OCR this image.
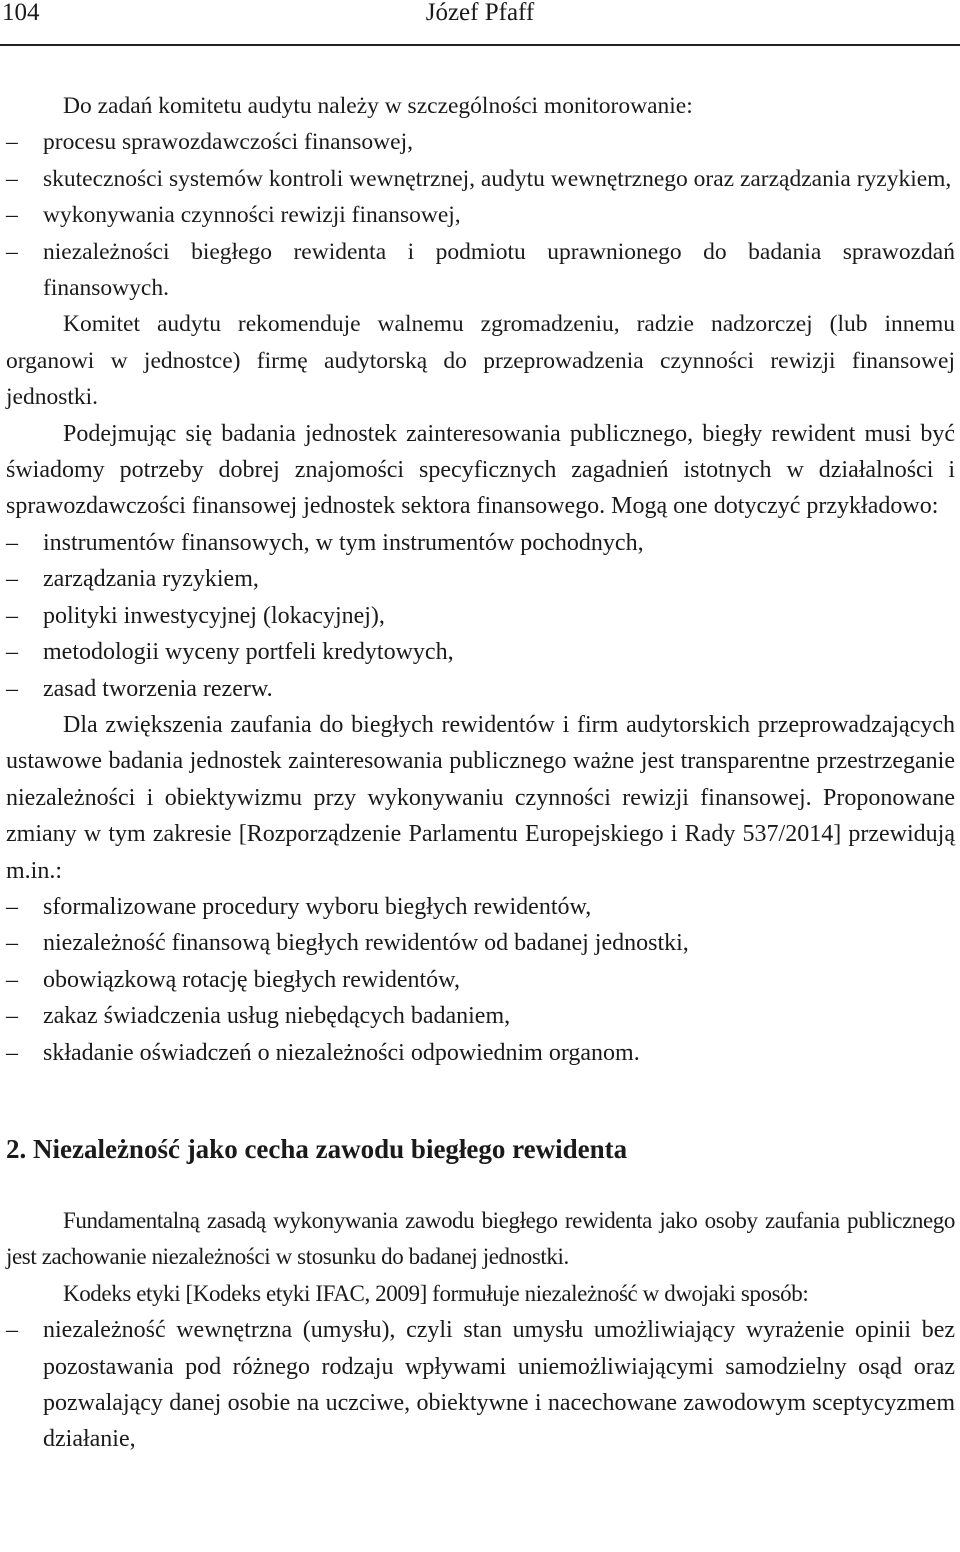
104	Józef Pfaff

Do zadań komitetu audytu należy w szczególności monitorowanie:

–	procesu sprawozdawczości finansowej,
–	skuteczności systemów kontroli wewnętrznej, audytu wewnętrznego oraz zarządzania ryzykiem,
–	wykonywania czynności rewizji finansowej,
–	niezależności biegłego rewidenta i podmiotu uprawnionego do badania sprawozdań finansowych.

Komitet audytu rekomenduje walnemu zgromadzeniu, radzie nadzorczej (lub innemu organowi w jednostce) firmę audytorską do przeprowadzenia czynności rewizji finansowej jednostki.

Podejmując się badania jednostek zainteresowania publicznego, biegły rewident musi być świadomy potrzeby dobrej znajomości specyficznych zagadnień istotnych w działalności i sprawozdawczości finansowej jednostek sektora finansowego. Mogą one dotyczyć przykładowo:

–	instrumentów finansowych, w tym instrumentów pochodnych,
–	zarządzania ryzykiem,
–	polityki inwestycyjnej (lokacyjnej),
–	metodologii wyceny portfeli kredytowych,
–	zasad tworzenia rezerw.

Dla zwiększenia zaufania do biegłych rewidentów i firm audytorskich przeprowadzających ustawowe badania jednostek zainteresowania publicznego ważne jest transparentne przestrzeganie niezależności i obiektywizmu przy wykonywaniu czynności rewizji finansowej. Proponowane zmiany w tym zakresie [Rozporządzenie Parlamentu Europejskiego i Rady 537/2014] przewidują m.in.:

–	sformalizowane procedury wyboru biegłych rewidentów,
–	niezależność finansową biegłych rewidentów od badanej jednostki,
–	obowiązkową rotację biegłych rewidentów,
–	zakaz świadczenia usług niebędących badaniem,
–	składanie oświadczeń o niezależności odpowiednim organom.
2. Niezależność jako cecha zawodu biegłego rewidenta

Fundamentalną zasadą wykonywania zawodu biegłego rewidenta jako osoby zaufania publicznego jest zachowanie niezależności w stosunku do badanej jednostki.

Kodeks etyki [Kodeks etyki IFAC, 2009] formułuje niezależność w dwojaki sposób:

–	niezależność wewnętrzna (umysłu), czyli stan umysłu umożliwiający wyrażenie opinii bez pozostawania pod różnego rodzaju wpływami uniemożliwiającymi samodzielny osąd oraz pozwalający danej osobie na uczciwe, obiektywne i nacechowane zawodowym sceptycyzmem działanie,
